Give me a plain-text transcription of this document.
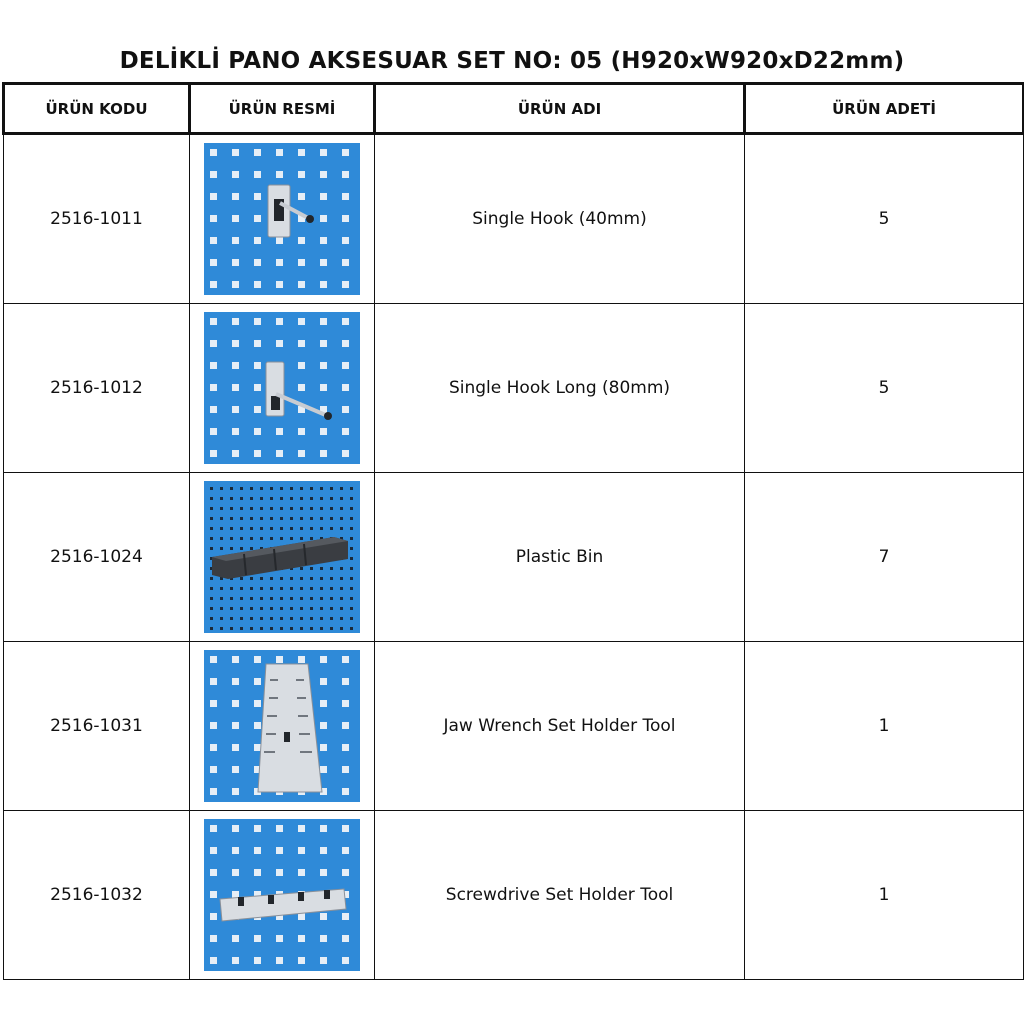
DELİKLİ PANO AKSESUAR SET NO: 05 (H920xW920xD22mm)
ÜRÜN KODU	ÜRÜN RESMİ	ÜRÜN ADI	ÜRÜN ADETİ
2516-1011		Single Hook (40mm)	5
2516-1012		Single Hook Long (80mm)	5
2516-1024		Plastic Bin	7
2516-1031		Jaw Wrench Set Holder Tool	1
2516-1032		Screwdrive Set Holder Tool	1
